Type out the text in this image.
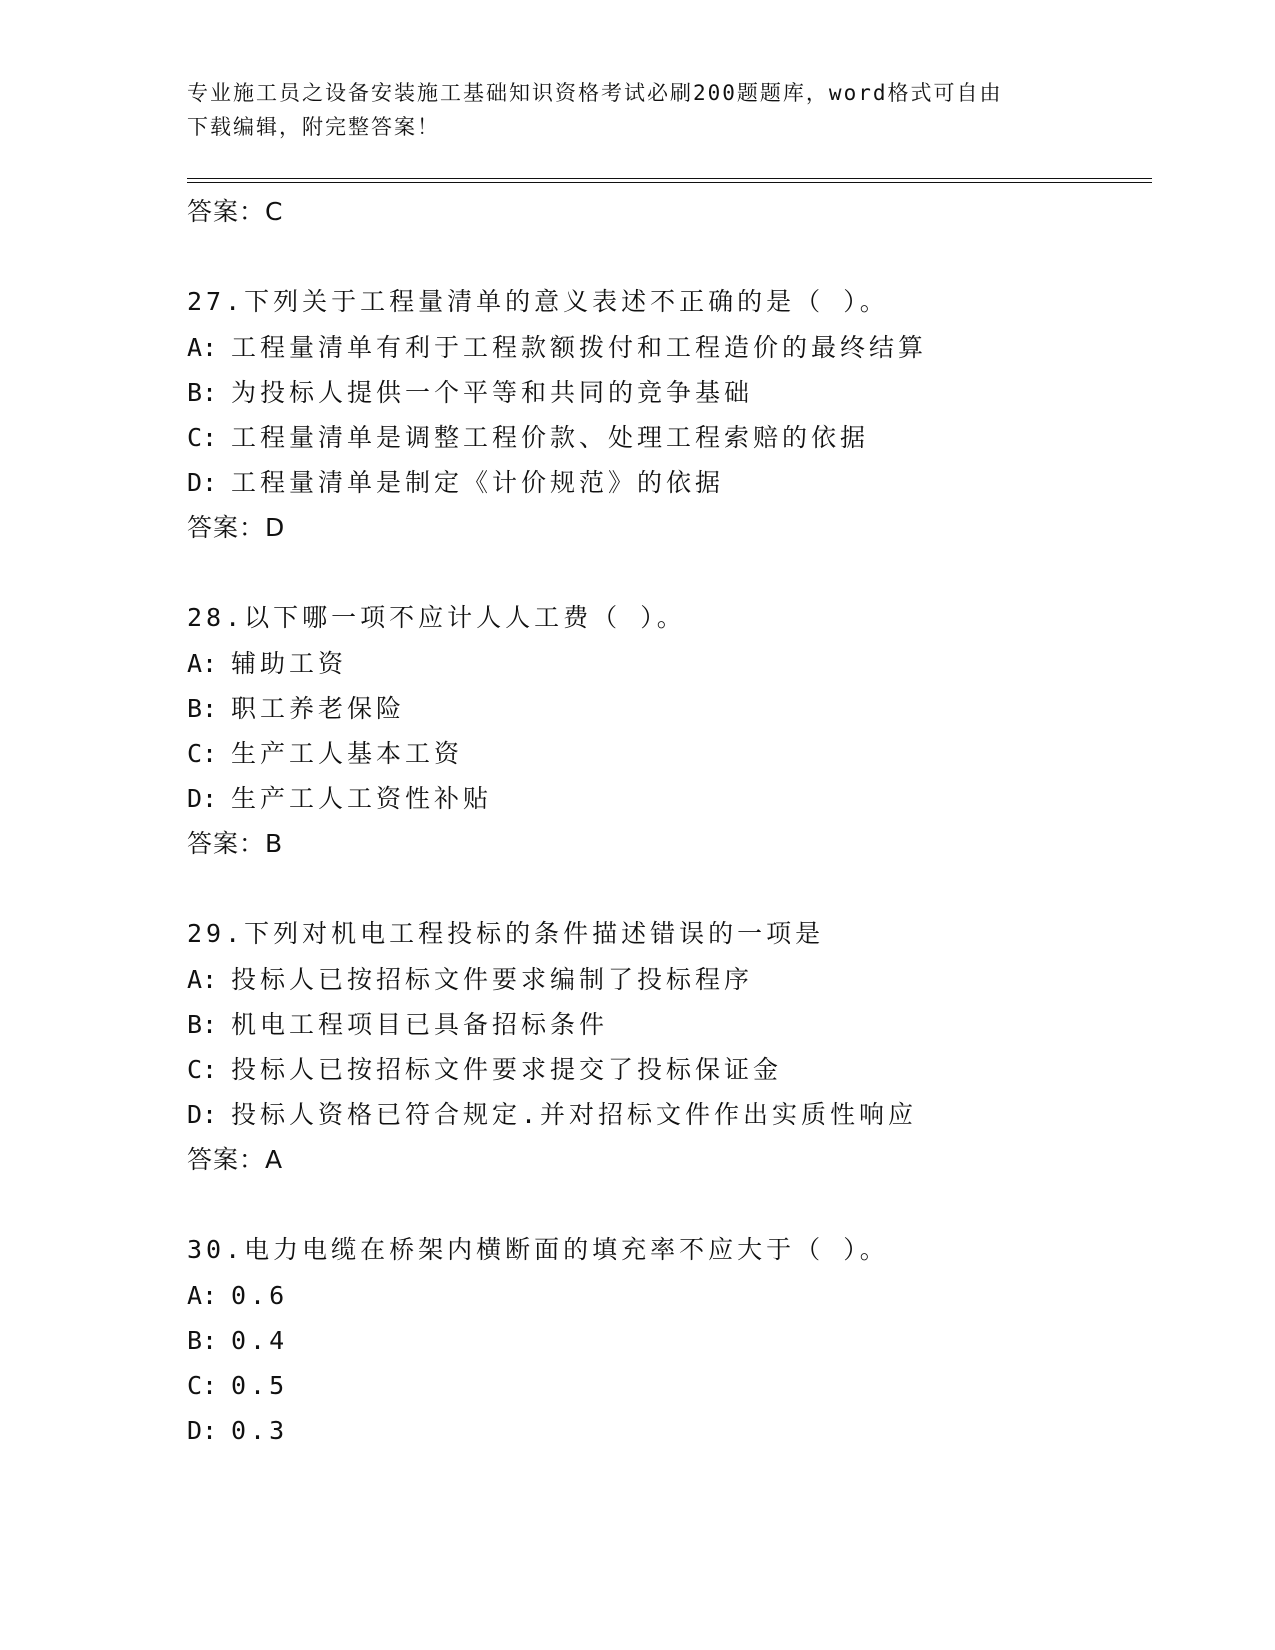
专业施工员之设备安装施工基础知识资格考试必刷200题题库，word格式可自由
下载编辑，附完整答案！
答案：C
27.下列关于工程量清单的意义表述不正确的是（ ）。
A: 工程量清单有利于工程款额拨付和工程造价的最终结算
B: 为投标人提供一个平等和共同的竞争基础
C: 工程量清单是调整工程价款、处理工程索赔的依据
D: 工程量清单是制定《计价规范》的依据
答案：D
28.以下哪一项不应计人人工费（ ）。
A: 辅助工资
B: 职工养老保险
C: 生产工人基本工资
D: 生产工人工资性补贴
答案：B
29.下列对机电工程投标的条件描述错误的一项是
A: 投标人已按招标文件要求编制了投标程序
B: 机电工程项目已具备招标条件
C: 投标人已按招标文件要求提交了投标保证金
D: 投标人资格已符合规定.并对招标文件作出实质性响应
答案：A
30.电力电缆在桥架内横断面的填充率不应大于（ ）。
A: 0.6
B: 0.4
C: 0.5
D: 0.3
